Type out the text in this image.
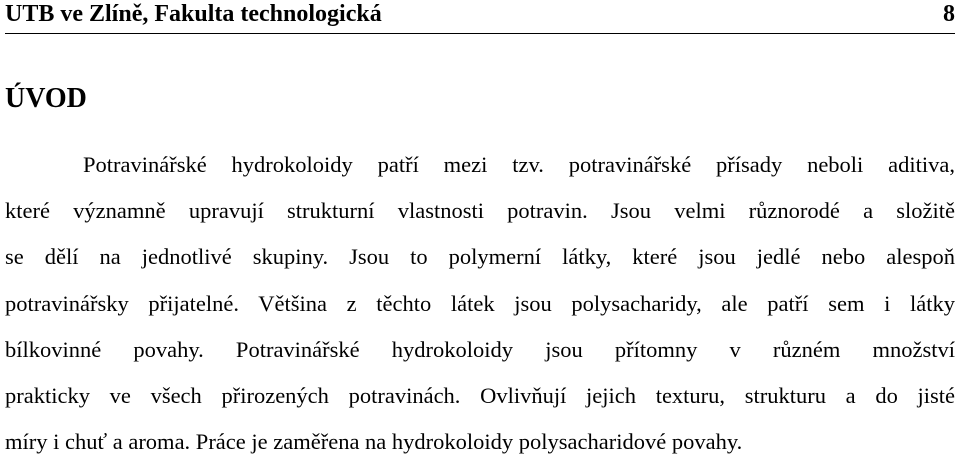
UTB ve Zlíně, Fakulta technologická	8
ÚVOD
Potravinářské hydrokoloidy patří mezi tzv. potravinářské přísady neboli aditiva,
které významně upravují strukturní vlastnosti potravin. Jsou velmi různorodé a složitě
se dělí na jednotlivé skupiny. Jsou to polymerní látky, které jsou jedlé nebo alespoň
potravinářsky přijatelné. Většina z těchto látek jsou polysacharidy, ale patří sem i látky
bílkovinné povahy. Potravinářské hydrokoloidy jsou přítomny v různém množství
prakticky ve všech přirozených potravinách. Ovlivňují jejich texturu, strukturu a do jisté
míry i chuť a aroma. Práce je zaměřena na hydrokoloidy polysacharidové povahy.
